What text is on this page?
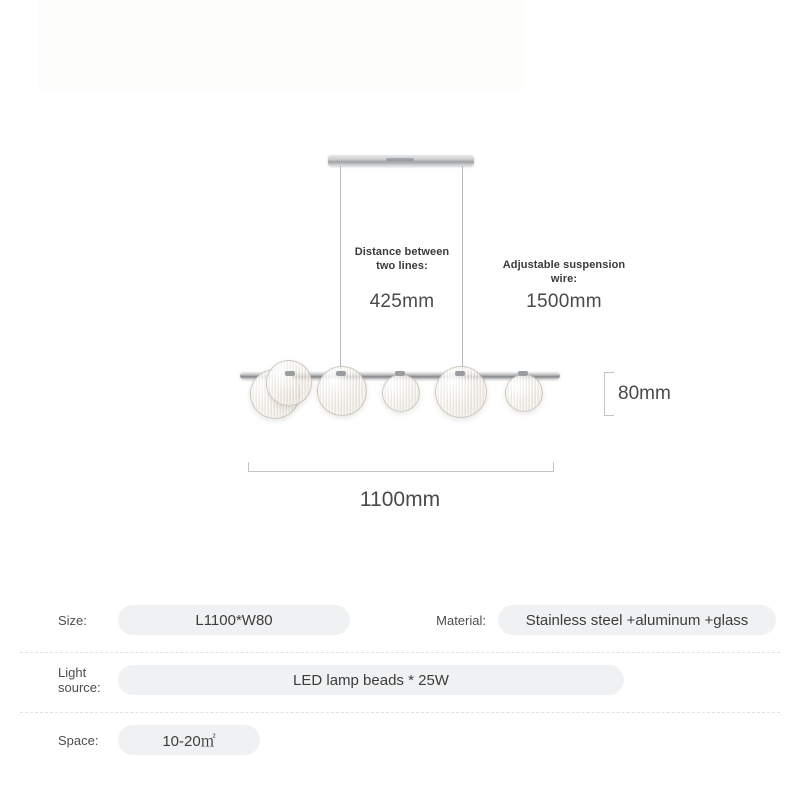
Distance between two lines:
425mm
Adjustable suspension wire:
1500mm
80mm
1100mm
Size:	L1100*W80	Material:	Stainless steel +aluminum +glass
Light source:	LED lamp beads * 25W
Space:	10-20㎡
